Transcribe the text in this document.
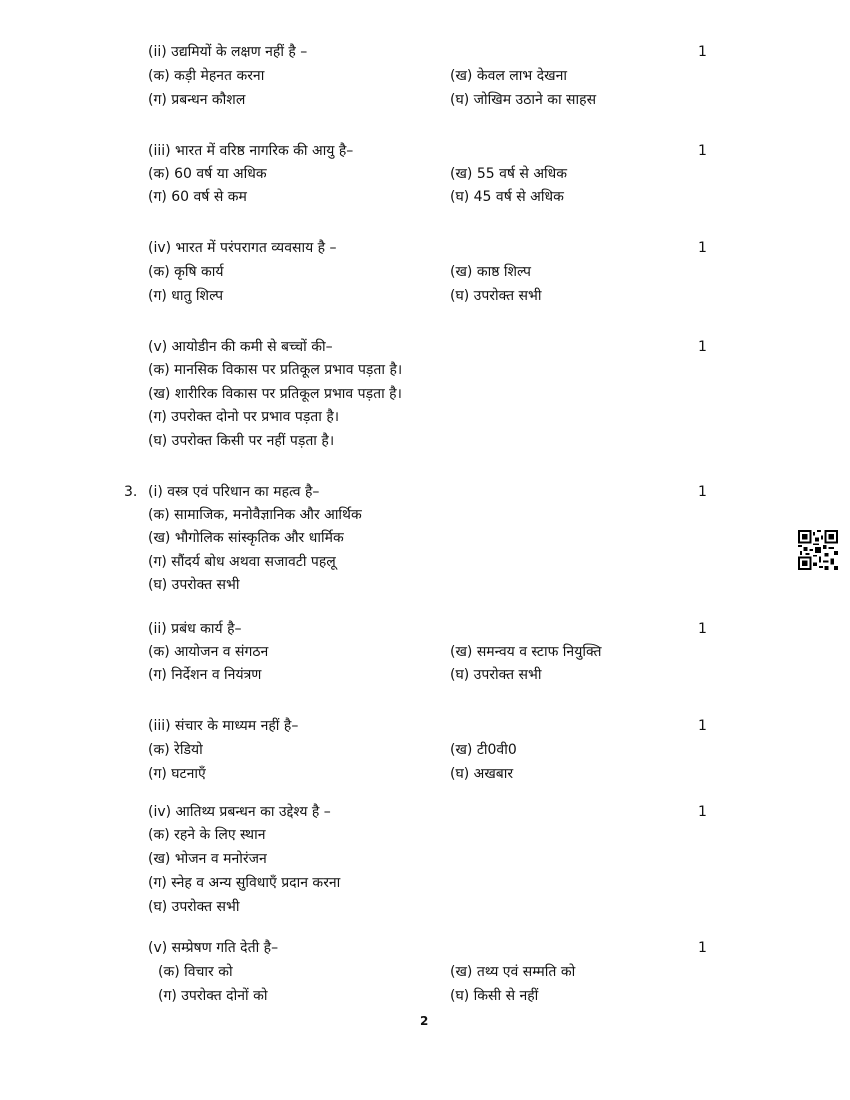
(ii) उद्यमियों के लक्षण नहीं है –	1
(क) कड़ी मेहनत करना	(ख) केवल लाभ देखना
(ग) प्रबन्धन कौशल	(घ) जोखिम उठाने का साहस
(iii) भारत में वरिष्ठ नागरिक की आयु है–	1
(क) 60 वर्ष या अधिक	(ख) 55 वर्ष से अधिक
(ग) 60 वर्ष से कम	(घ) 45 वर्ष से अधिक
(iv) भारत में परंपरागत व्यवसाय है –	1
(क) कृषि कार्य	(ख) काष्ठ शिल्प
(ग) धातु शिल्प	(घ) उपरोक्त सभी
(v) आयोडीन की कमी से बच्चों की–	1
(क) मानसिक विकास पर प्रतिकूल प्रभाव पड़ता है।
(ख) शारीरिक विकास पर प्रतिकूल प्रभाव पड़ता है।
(ग) उपरोक्त दोनो पर प्रभाव पड़ता है।
(घ) उपरोक्त किसी पर नहीं पड़ता है।
3. (i) वस्त्र एवं परिधान का महत्व है–	1
(क) सामाजिक, मनोवैज्ञानिक और आर्थिक
(ख) भौगोलिक सांस्कृतिक और धार्मिक
(ग) सौंदर्य बोध अथवा सजावटी पहलू
(घ) उपरोक्त सभी
(ii) प्रबंध कार्य है–	1
(क) आयोजन व संगठन	(ख) समन्वय व स्टाफ नियुक्ति
(ग) निर्देशन व नियंत्रण	(घ) उपरोक्त सभी
(iii) संचार के माध्यम नहीं है–	1
(क) रेडियो	(ख) टी0वी0
(ग) घटनाएँ	(घ) अखबार
(iv) आतिथ्य प्रबन्धन का उद्देश्य है –	1
(क) रहने के लिए स्थान
(ख) भोजन व मनोरंजन
(ग) स्नेह व अन्य सुविधाएँ प्रदान करना
(घ) उपरोक्त सभी
(v) सम्प्रेषण गति देती है–	1
(क) विचार को	(ख) तथ्य एवं सम्मति को
(ग) उपरोक्त दोनों को	(घ) किसी से नहीं
2
